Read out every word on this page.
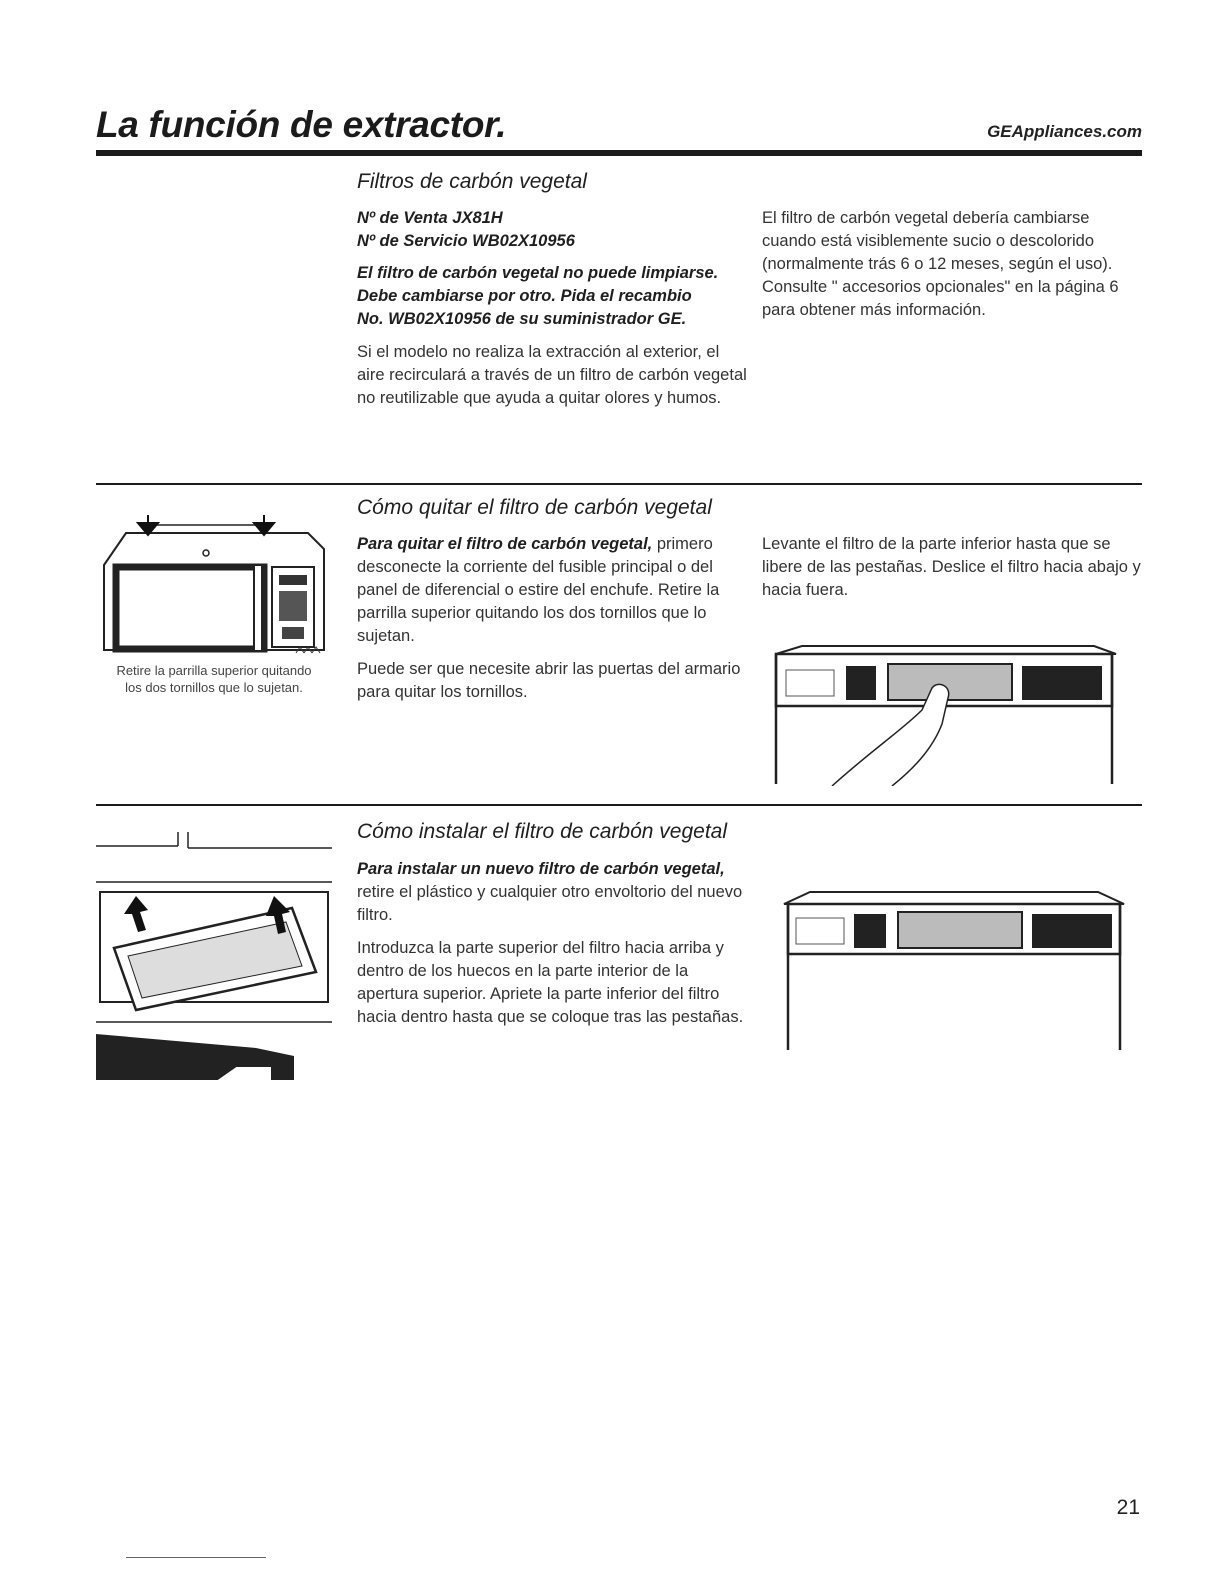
La función de extractor.	GEAppliances.com
Filtros de carbón vegetal

Nº de Venta JX81H

Nº de Servicio WB02X10956

El filtro de carbón vegetal no puede limpiarse.

Debe cambiarse por otro. Pida el recambio

No. WB02X10956 de su suministrador GE.

Si el modelo no realiza la extracción al exterior, el aire recirculará a través de un filtro de carbón vegetal no reutilizable que ayuda a quitar olores y humos.

El filtro de carbón vegetal debería cambiarse cuando está visiblemente sucio o descolorido (normalmente trás 6 o 12 meses, según el uso). Consulte " accesorios opcionales" en la página 6 para obtener más información.

Retire la parrilla superior quitando
los dos tornillos que lo sujetan.
Cómo quitar el filtro de carbón vegetal

Para quitar el filtro de carbón vegetal, primero desconecte la corriente del fusible principal o del panel de diferencial o estire del enchufe. Retire la parrilla superior quitando los dos tornillos que lo sujetan.

Puede ser que necesite abrir las puertas del armario para quitar los tornillos.

Levante el filtro de la parte inferior hasta que se libere de las pestañas. Deslice el filtro hacia abajo y hacia fuera.

Cómo instalar el filtro de carbón vegetal

Para instalar un nuevo filtro de carbón vegetal, retire el plástico y cualquier otro envoltorio del nuevo filtro.

Introduzca la parte superior del filtro hacia arriba y dentro de los huecos en la parte interior de la apertura superior. Apriete la parte inferior del filtro hacia dentro hasta que se coloque tras las pestañas.

21
